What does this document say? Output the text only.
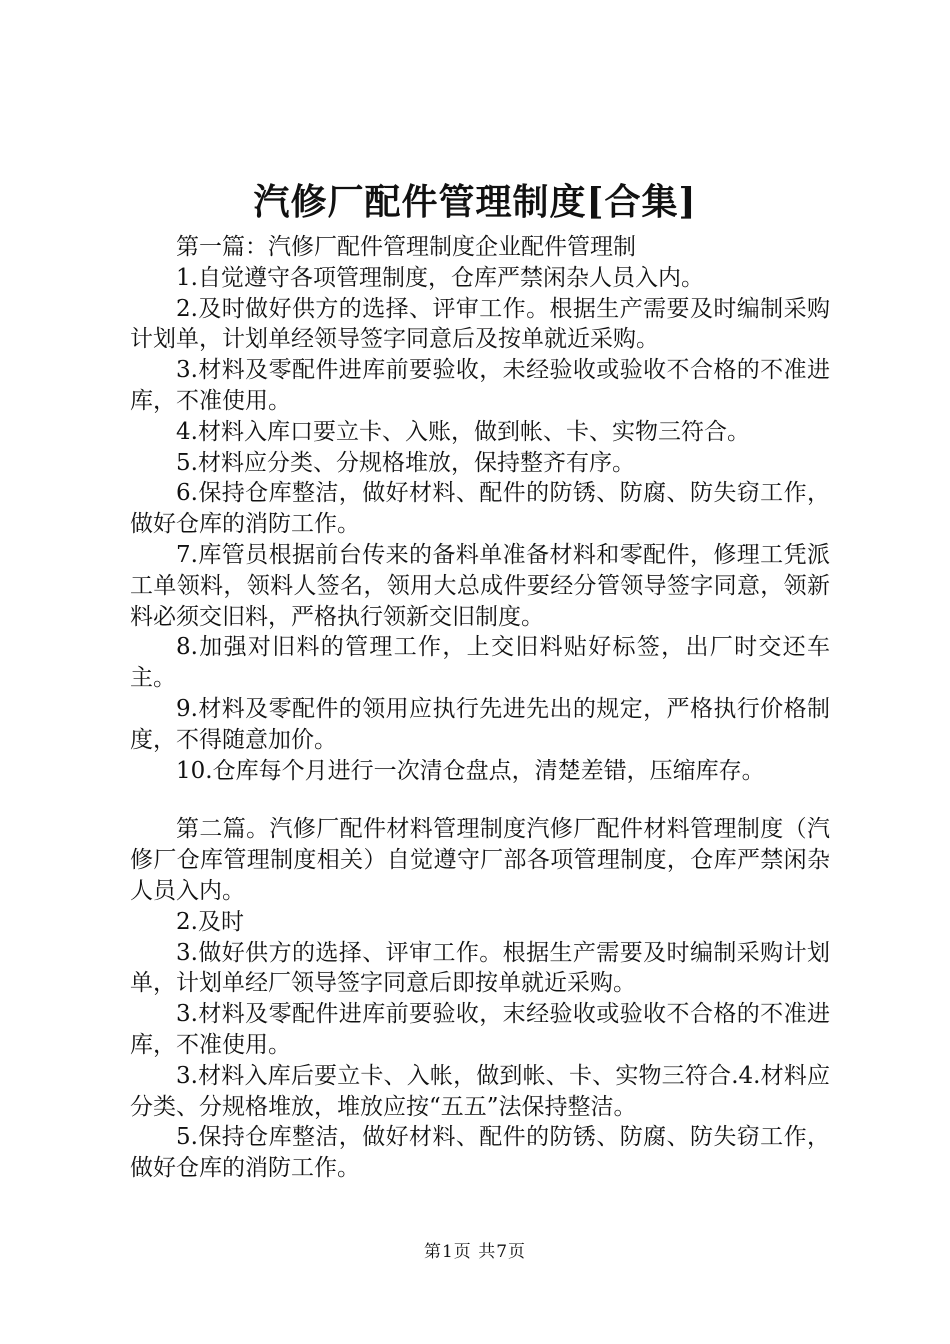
汽修厂配件管理制度[合集]

第一篇：汽修厂配件管理制度企业配件管理制

1.自觉遵守各项管理制度，仓库严禁闲杂人员入内。

2.及时做好供方的选择、评审工作。根据生产需要及时编制采购计划单，计划单经领导签字同意后及按单就近采购。

3.材料及零配件进库前要验收，未经验收或验收不合格的不准进库，不准使用。

4.材料入库口要立卡、入账，做到帐、卡、实物三符合。

5.材料应分类、分规格堆放，保持整齐有序。

6.保持仓库整洁，做好材料、配件的防锈、防腐、防失窃工作，做好仓库的消防工作。

7.库管员根据前台传来的备料单准备材料和零配件，修理工凭派工单领料，领料人签名，领用大总成件要经分管领导签字同意，领新料必须交旧料，严格执行领新交旧制度。

8.加强对旧料的管理工作，上交旧料贴好标签，出厂时交还车主。

9.材料及零配件的领用应执行先进先出的规定，严格执行价格制度，不得随意加价。

10.仓库每个月进行一次清仓盘点，清楚差错，压缩库存。

第二篇。汽修厂配件材料管理制度汽修厂配件材料管理制度（汽修厂仓库管理制度相关）自觉遵守厂部各项管理制度，仓库严禁闲杂人员入内。

2.及时

3.做好供方的选择、评审工作。根据生产需要及时编制采购计划单，计划单经厂领导签字同意后即按单就近采购。

3.材料及零配件进库前要验收，末经验收或验收不合格的不准进库，不准使用。

3.材料入库后要立卡、入帐，做到帐、卡、实物三符合.4.材料应分类、分规格堆放，堆放应按“五五”法保持整洁。

5.保持仓库整洁，做好材料、配件的防锈、防腐、防失窃工作，做好仓库的消防工作。

第1页 共7页
